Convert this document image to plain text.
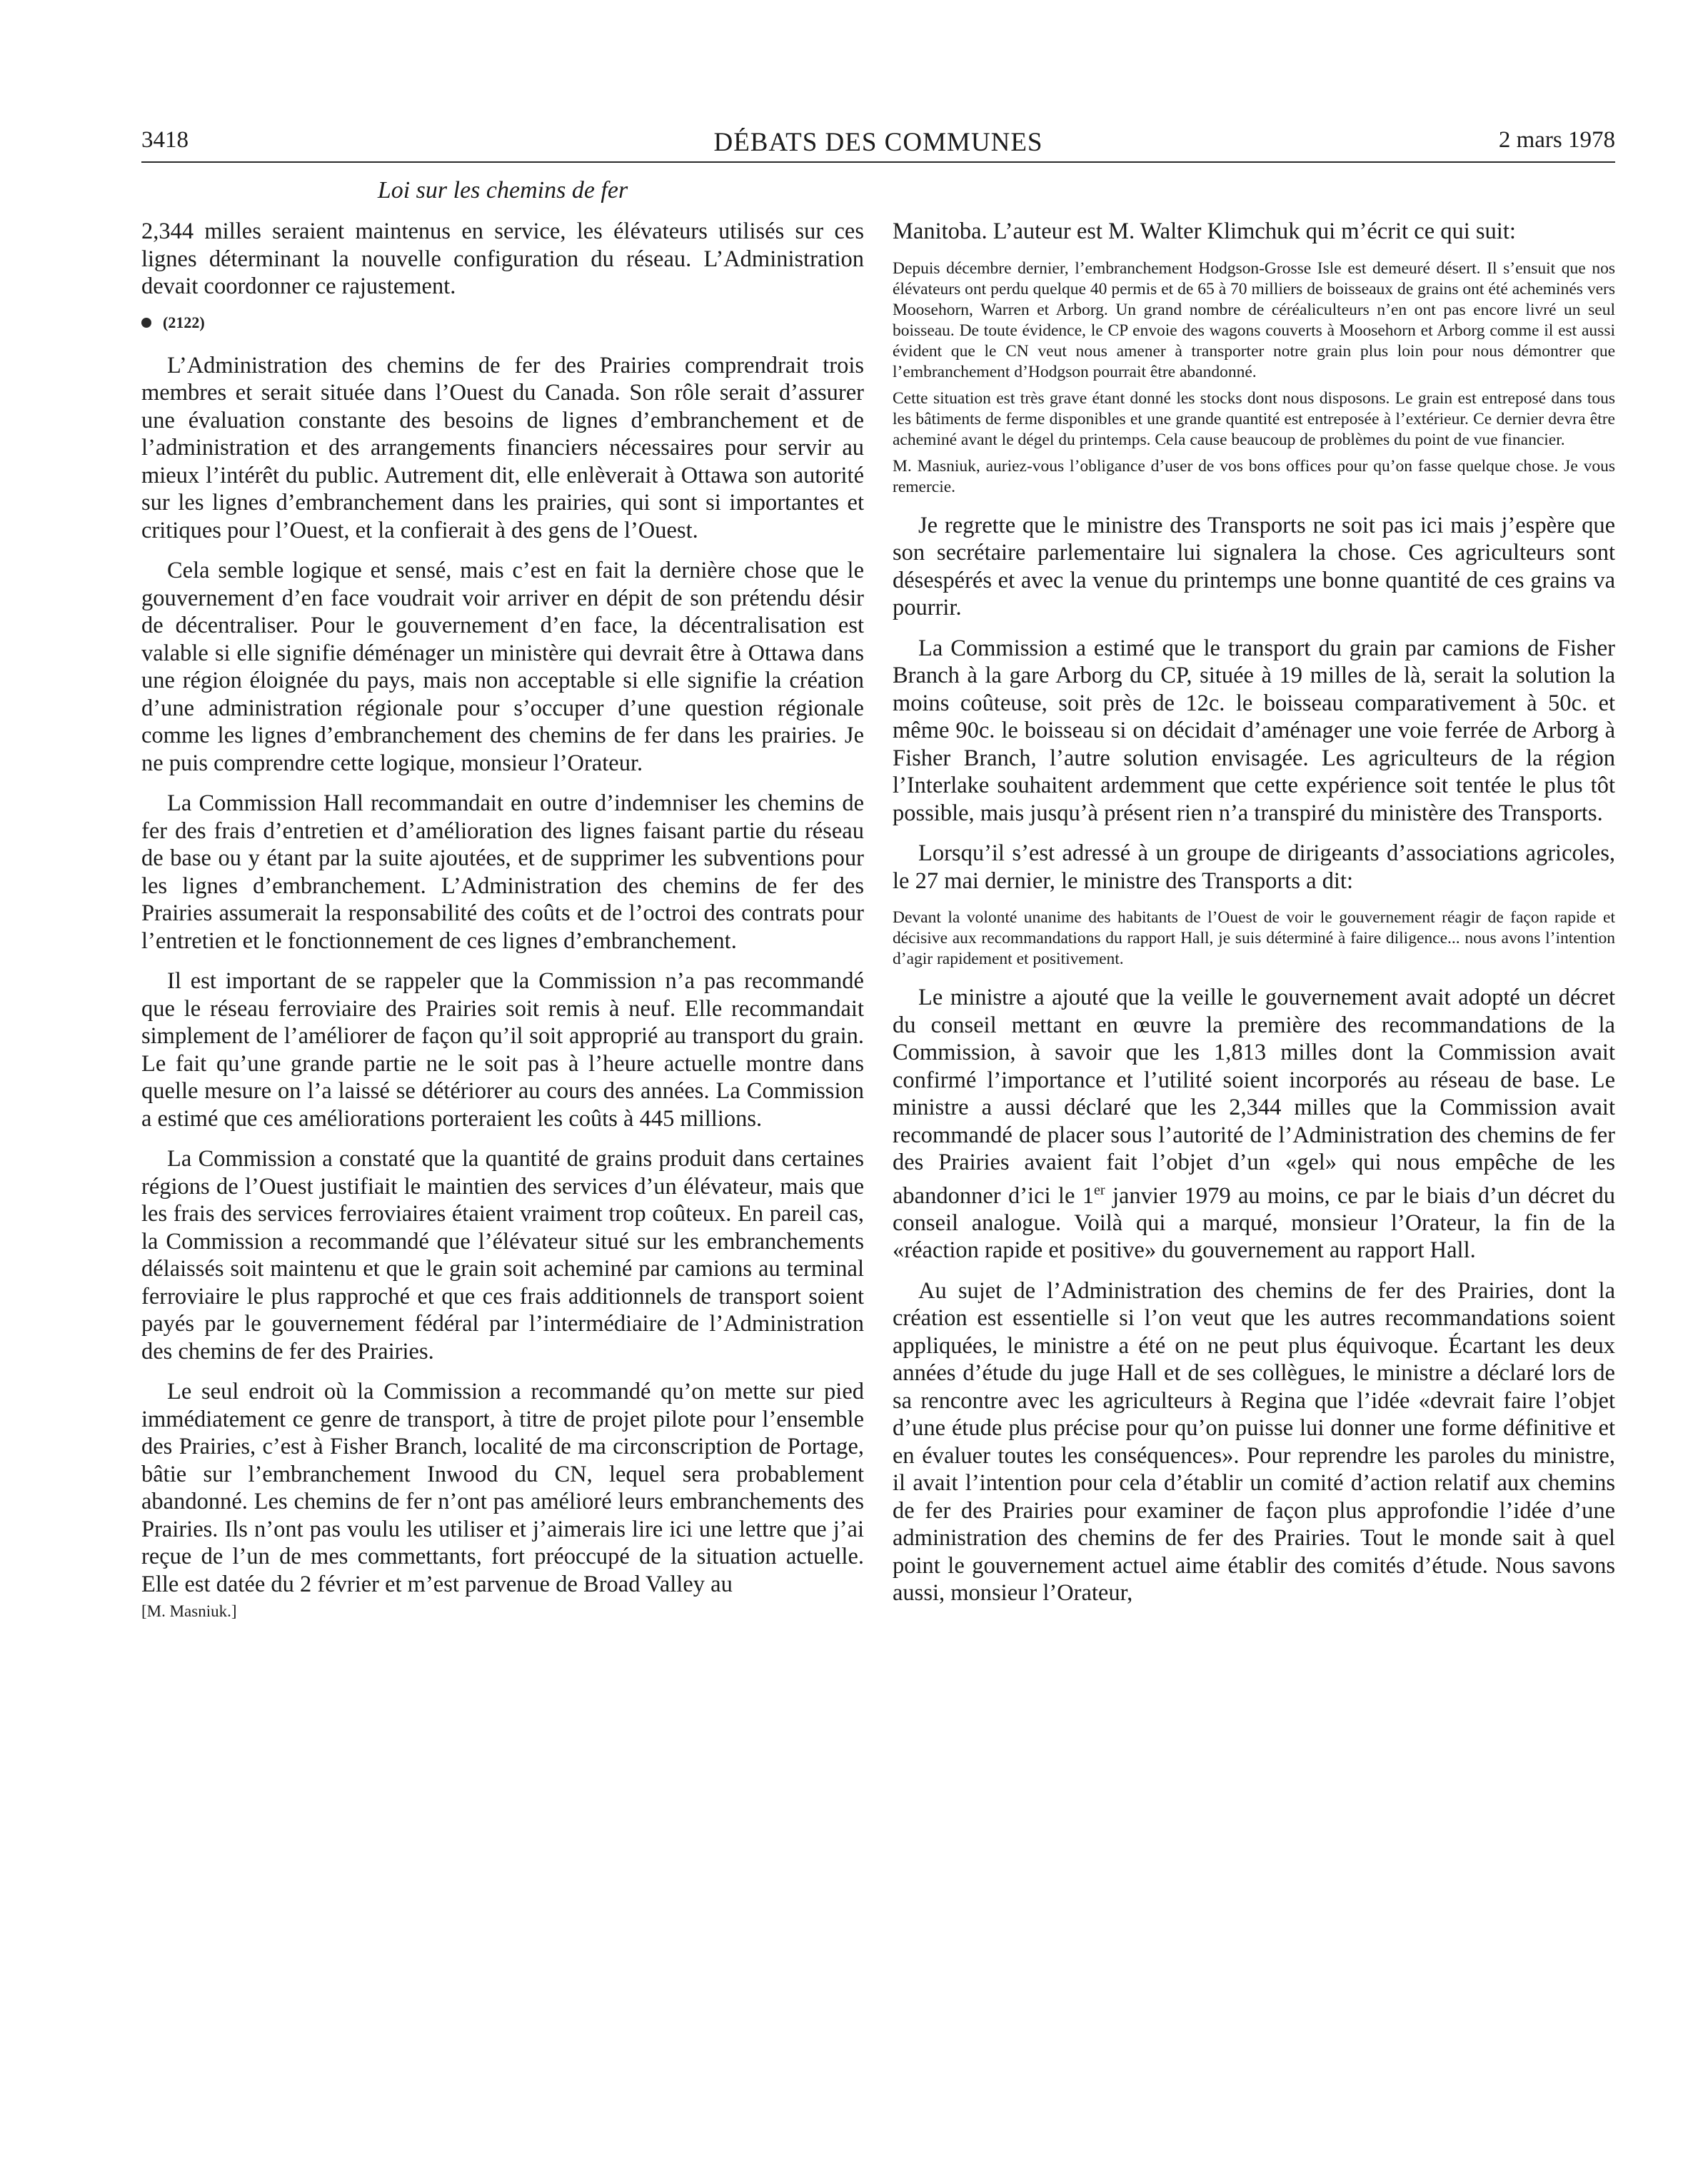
3418	DÉBATS DES COMMUNES	2 mars 1978
Loi sur les chemins de fer

2,344 milles seraient maintenus en service, les élévateurs utilisés sur ces lignes déterminant la nouvelle configuration du réseau. L’Administration devait coordonner ce rajustement.

(2122)

L’Administration des chemins de fer des Prairies comprendrait trois membres et serait située dans l’Ouest du Canada. Son rôle serait d’assurer une évaluation constante des besoins de lignes d’embranchement et de l’administration et des arrangements financiers nécessaires pour servir au mieux l’intérêt du public. Autrement dit, elle enlèverait à Ottawa son autorité sur les lignes d’embranchement dans les prairies, qui sont si importantes et critiques pour l’Ouest, et la confierait à des gens de l’Ouest.

Cela semble logique et sensé, mais c’est en fait la dernière chose que le gouvernement d’en face voudrait voir arriver en dépit de son prétendu désir de décentraliser. Pour le gouvernement d’en face, la décentralisation est valable si elle signifie déménager un ministère qui devrait être à Ottawa dans une région éloignée du pays, mais non acceptable si elle signifie la création d’une administration régionale pour s’occuper d’une question régionale comme les lignes d’embranchement des chemins de fer dans les prairies. Je ne puis comprendre cette logique, monsieur l’Orateur.

La Commission Hall recommandait en outre d’indemniser les chemins de fer des frais d’entretien et d’amélioration des lignes faisant partie du réseau de base ou y étant par la suite ajoutées, et de supprimer les subventions pour les lignes d’embranchement. L’Administration des chemins de fer des Prairies assumerait la responsabilité des coûts et de l’octroi des contrats pour l’entretien et le fonctionnement de ces lignes d’embranchement.

Il est important de se rappeler que la Commission n’a pas recommandé que le réseau ferroviaire des Prairies soit remis à neuf. Elle recommandait simplement de l’améliorer de façon qu’il soit approprié au transport du grain. Le fait qu’une grande partie ne le soit pas à l’heure actuelle montre dans quelle mesure on l’a laissé se détériorer au cours des années. La Commission a estimé que ces améliorations porteraient les coûts à 445 millions.

La Commission a constaté que la quantité de grains produit dans certaines régions de l’Ouest justifiait le maintien des services d’un élévateur, mais que les frais des services ferroviaires étaient vraiment trop coûteux. En pareil cas, la Commission a recommandé que l’élévateur situé sur les embranchements délaissés soit maintenu et que le grain soit acheminé par camions au terminal ferroviaire le plus rapproché et que ces frais additionnels de transport soient payés par le gouvernement fédéral par l’intermédiaire de l’Administration des chemins de fer des Prairies.

Le seul endroit où la Commission a recommandé qu’on mette sur pied immédiatement ce genre de transport, à titre de projet pilote pour l’ensemble des Prairies, c’est à Fisher Branch, localité de ma circonscription de Portage, bâtie sur l’embranchement Inwood du CN, lequel sera probablement abandonné. Les chemins de fer n’ont pas amélioré leurs embranchements des Prairies. Ils n’ont pas voulu les utiliser et j’aimerais lire ici une lettre que j’ai reçue de l’un de mes commettants, fort préoccupé de la situation actuelle. Elle est datée du 2 février et m’est parvenue de Broad Valley au

[M. Masniuk.]

Manitoba. L’auteur est M. Walter Klimchuk qui m’écrit ce qui suit:

Depuis décembre dernier, l’embranchement Hodgson-Grosse Isle est demeuré désert. Il s’ensuit que nos élévateurs ont perdu quelque 40 permis et de 65 à 70 milliers de boisseaux de grains ont été acheminés vers Moosehorn, Warren et Arborg. Un grand nombre de céréaliculteurs n’en ont pas encore livré un seul boisseau. De toute évidence, le CP envoie des wagons couverts à Moosehorn et Arborg comme il est aussi évident que le CN veut nous amener à transporter notre grain plus loin pour nous démontrer que l’embranchement d’Hodgson pourrait être abandonné.

Cette situation est très grave étant donné les stocks dont nous disposons. Le grain est entreposé dans tous les bâtiments de ferme disponibles et une grande quantité est entreposée à l’extérieur. Ce dernier devra être acheminé avant le dégel du printemps. Cela cause beaucoup de problèmes du point de vue financier.

M. Masniuk, auriez-vous l’obligance d’user de vos bons offices pour qu’on fasse quelque chose. Je vous remercie.

Je regrette que le ministre des Transports ne soit pas ici mais j’espère que son secrétaire parlementaire lui signalera la chose. Ces agriculteurs sont désespérés et avec la venue du printemps une bonne quantité de ces grains va pourrir.

La Commission a estimé que le transport du grain par camions de Fisher Branch à la gare Arborg du CP, située à 19 milles de là, serait la solution la moins coûteuse, soit près de 12c. le boisseau comparativement à 50c. et même 90c. le boisseau si on décidait d’aménager une voie ferrée de Arborg à Fisher Branch, l’autre solution envisagée. Les agriculteurs de la région l’Interlake souhaitent ardemment que cette expérience soit tentée le plus tôt possible, mais jusqu’à présent rien n’a transpiré du ministère des Transports.

Lorsqu’il s’est adressé à un groupe de dirigeants d’associations agricoles, le 27 mai dernier, le ministre des Transports a dit:

Devant la volonté unanime des habitants de l’Ouest de voir le gouvernement réagir de façon rapide et décisive aux recommandations du rapport Hall, je suis déterminé à faire diligence... nous avons l’intention d’agir rapidement et positivement.

Le ministre a ajouté que la veille le gouvernement avait adopté un décret du conseil mettant en œuvre la première des recommandations de la Commission, à savoir que les 1,813 milles dont la Commission avait confirmé l’importance et l’utilité soient incorporés au réseau de base. Le ministre a aussi déclaré que les 2,344 milles que la Commission avait recommandé de placer sous l’autorité de l’Administration des chemins de fer des Prairies avaient fait l’objet d’un «gel» qui nous empêche de les abandonner d’ici le 1er janvier 1979 au moins, ce par le biais d’un décret du conseil analogue. Voilà qui a marqué, monsieur l’Orateur, la fin de la «réaction rapide et positive» du gouvernement au rapport Hall.

Au sujet de l’Administration des chemins de fer des Prairies, dont la création est essentielle si l’on veut que les autres recommandations soient appliquées, le ministre a été on ne peut plus équivoque. Écartant les deux années d’étude du juge Hall et de ses collègues, le ministre a déclaré lors de sa rencontre avec les agriculteurs à Regina que l’idée «devrait faire l’objet d’une étude plus précise pour qu’on puisse lui donner une forme définitive et en évaluer toutes les conséquences». Pour reprendre les paroles du ministre, il avait l’intention pour cela d’établir un comité d’action relatif aux chemins de fer des Prairies pour examiner de façon plus approfondie l’idée d’une administration des chemins de fer des Prairies. Tout le monde sait à quel point le gouvernement actuel aime établir des comités d’étude. Nous savons aussi, monsieur l’Orateur,
